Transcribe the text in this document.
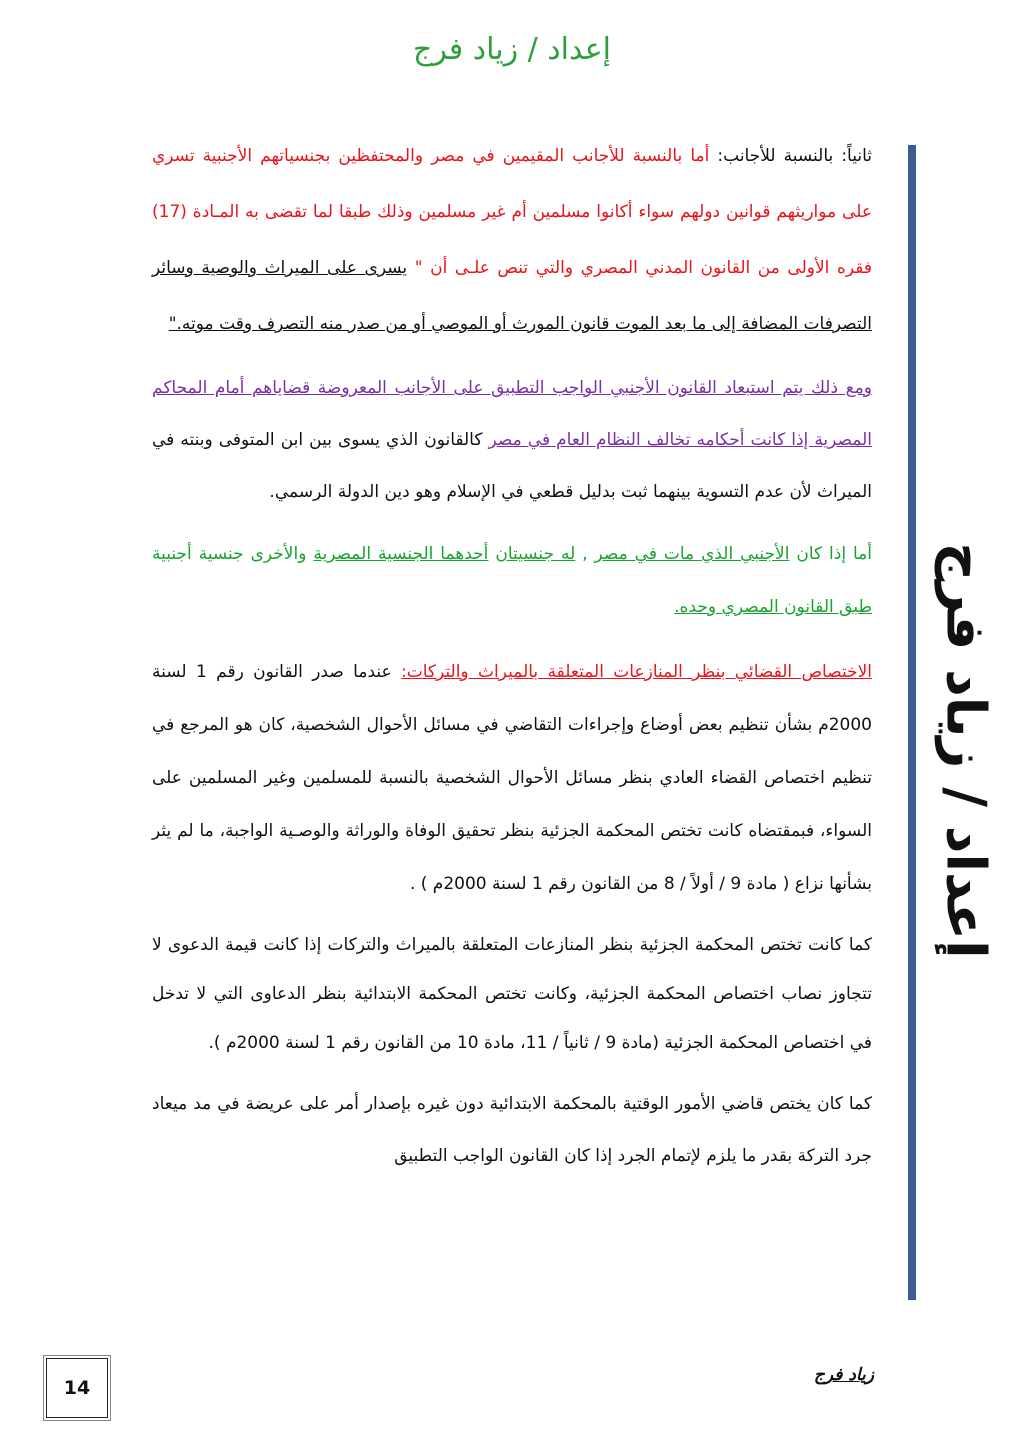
إعداد / زياد فرج
إعداد / زياد فرج

ثانياً: بالنسبة للأجانب: أما بالنسبة للأجانب المقيمين في مصر والمحتفظين بجنسياتهم الأجنبية تسري على مواريثهم قوانين دولهم سواء أكانوا مسلمين أم غير مسلمين وذلك طبقا لما تقضى به المـادة (17) فقره الأولى من القانون المدني المصري والتي تنص علـى أن " يسرى على الميراث والوصية وسائر التصرفات المضافة إلى ما بعد الموت قانون المورث أو الموصي أو من صدر منه التصرف وقت موته."

ومع ذلك يتم استبعاد القانون الأجنبي الواجب التطبيق على الأجانب المعروضة قضاياهم أمام المحاكم المصرية إذا كانت أحكامه تخالف النظام العام في مصر كالقانون الذي يسوى بين ابن المتوفى وبنته في الميراث لأن عدم التسوية بينهما ثبت بدليل قطعي في الإسلام وهو دين الدولة الرسمي.

أما إذا كان الأجنبي الذي مات في مصر , له جنسيتان أحدهما الجنسية المصرية والأخرى جنسية أجنبية طبق القانون المصري وحده.

الاختصاص القضائي بنظر المنازعات المتعلقة بالميراث والتركات: عندما صدر القانون رقم 1 لسنة 2000م بشأن تنظيم بعض أوضاع وإجراءات التقاضي في مسائل الأحوال الشخصية، كان هو المرجع في تنظيم اختصاص القضاء العادي بنظر مسائل الأحوال الشخصية بالنسبة للمسلمين وغير المسلمين على السواء، فبمقتضاه كانت تختص المحكمة الجزئية بنظر تحقيق الوفاة والوراثة والوصـية الواجبة، ما لم يثر بشأنها نزاع ( مادة 9 / أولاً / 8 من القانون رقم 1 لسنة 2000م ) .

كما كانت تختص المحكمة الجزئية بنظر المنازعات المتعلقة بالميراث والتركات إذا كانت قيمة الدعوى لا تتجاوز نصاب اختصاص المحكمة الجزئية، وكانت تختص المحكمة الابتدائية بنظر الدعاوى التي لا تدخل في اختصاص المحكمة الجزئية (مادة 9 / ثانياً / 11، مادة 10 من القانون رقم 1 لسنة 2000م ).

كما كان يختص قاضي الأمور الوقتية بالمحكمة الابتدائية دون غيره بإصدار أمر على عريضة في مد ميعاد جرد التركة بقدر ما يلزم لإتمام الجرد إذا كان القانون الواجب التطبيق

14
زياد فرج
